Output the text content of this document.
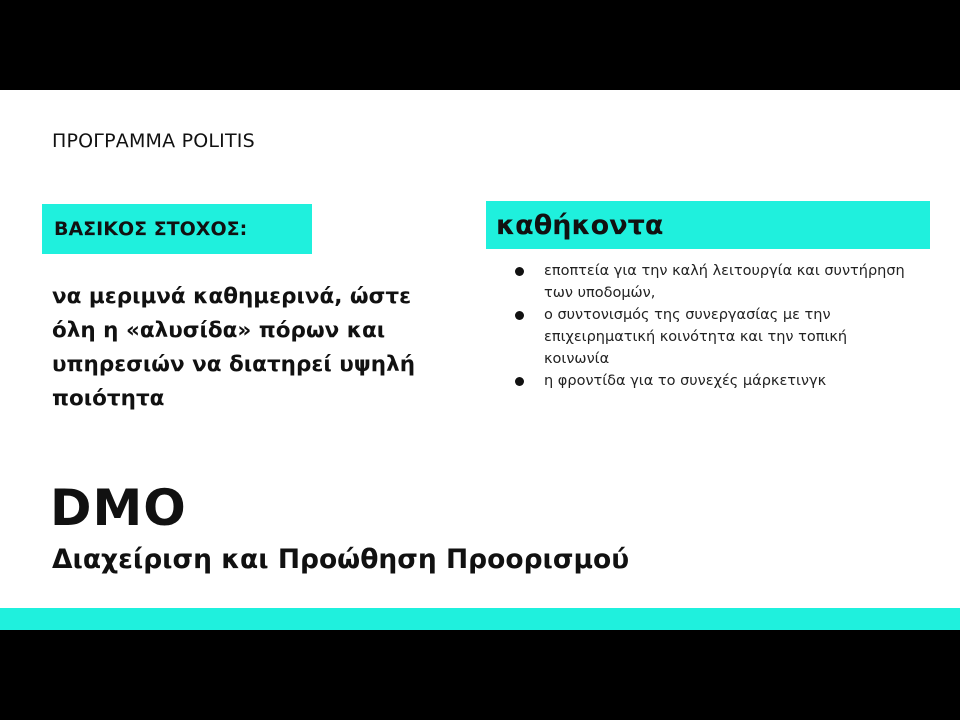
ΠΡΟΓΡΑΜΜΑ POLITIS
ΒΑΣΙΚΟΣ ΣΤΟΧΟΣ:
να μεριμνά καθημερινά, ώστε όλη η «αλυσίδα» πόρων και υπηρεσιών να διατηρεί υψηλή ποιότητα
καθήκοντα
εποπτεία για την καλή λειτουργία και συντήρηση των υποδομών,
ο συντονισμός της συνεργασίας με την επιχειρηματική κοινότητα και την τοπική κοινωνία
η φροντίδα για το συνεχές μάρκετινγκ
DMO
Διαχείριση και Προώθηση Προορισμού
